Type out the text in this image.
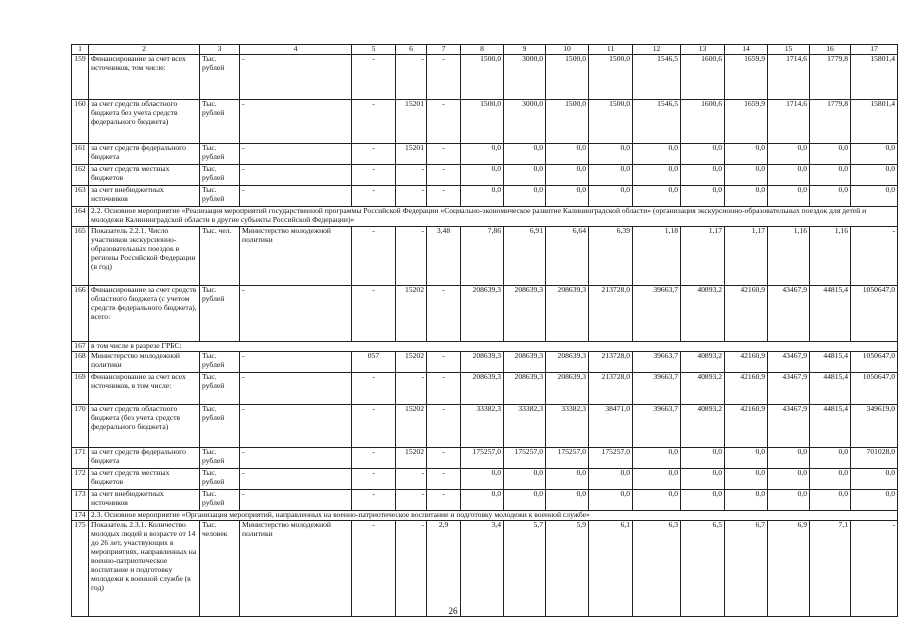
1	2	3	4	5	6	7	8	9	10	11	12	13	14	15	16	17
159	Финансирование за счет всех источников, том числе:	Тыс. рублей	-	-	-	-	1500,0	3000,0	1500,0	1500,0	1546,5	1600,6	1659,9	1714,6	1779,8	15801,4
160	за счет средств областного бюджета без учета средств федерального бюджета)	Тыс. рублей	-	-	15201	-	1500,0	3000,0	1500,0	1500,0	1546,5	1600,6	1659,9	1714,6	1779,8	15801,4
161	за счет средств федерального бюджета	Тыс. рублей	-	-	15201	-	0,0	0,0	0,0	0,0	0,0	0,0	0,0	0,0	0,0	0,0
162	за счет средств местных бюджетов	Тыс. рублей	-	-	-	-	0,0	0,0	0,0	0,0	0,0	0,0	0,0	0,0	0,0	0,0
163	за счет внебюджетных источников	Тыс. рублей	-	-	-	-	0,0	0,0	0,0	0,0	0,0	0,0	0,0	0,0	0,0	0,0
164	2.2. Основное мероприятие «Реализация мероприятий государственной программы Российской Федерации «Социально-экономическое развитие Калининградской области» (организация экскурсионно-образовательных поездок для детей и молодежи Калининградской области в другие субъекты Российской Федерации)»															
165	Показатель 2.2.1. Число участников экскурсионно-образовательных поездок в регионы Российской Федерации (в год)	Тыс. чел.	Министерство молодежной политики	-	-	3,48	7,86	6,91	6,64	6,39	1,18	1,17	1,17	1,16	1,16	-
166	Финансирование за счет средств областного бюджета (с учетом средств федерального бюджета), всего:	Тыс. рублей	-	-	15202	-	208639,3	208639,3	208639,3	213728,0	39663,7	40893,2	42160,9	43467,9	44815,4	1050647,0
167	в том числе в разрезе ГРБС:															
168	Министерство молодежной политики	Тыс. рублей	-	057	15202	-	208639,3	208639,3	208639,3	213728,0	39663,7	40893,2	42160,9	43467,9	44815,4	1050647,0
169	Финансирование за счет всех источников, в том числе:	Тыс. рублей	-	-	-	-	208639,3	208639,3	208639,3	213728,0	39663,7	40893,2	42160,9	43467,9	44815,4	1050647,0
170	за счет средств областного бюджета (без учета средств федерального бюджета)	Тыс. рублей	-	-	15202	-	33382,3	33382,3	33382,3	38471,0	39663,7	40893,2	42160,9	43467,9	44815,4	349619,0
171	за счет средств федерального бюджета	Тыс. рублей	-	-	15202	-	175257,0	175257,0	175257,0	175257,0	0,0	0,0	0,0	0,0	0,0	701028,0
172	за счет средств местных бюджетов	Тыс. рублей	-	-	-	-	0,0	0,0	0,0	0,0	0,0	0,0	0,0	0,0	0,0	0,0
173	за счет внебюджетных источников	Тыс. рублей	-	-	-	-	0,0	0,0	0,0	0,0	0,0	0,0	0,0	0,0	0,0	0,0
174	2.3. Основное мероприятие «Организация мероприятий, направленных на военно-патриотическое воспитание и подготовку молодежи к военной службе»															
175	Показатель 2.3.1. Количество молодых людей в возрасте от 14 до 26 лет, участвующих в мероприятиях, направленных на военно-патриотическое воспитание и подготовку молодежи к военной службе (в год)	Тыс. человек	Министерство молодежной политики	-	-	2,9	3,4	5,7	5,9	6,1	6,3	6,5	6,7	6,9	7,1	-
26
